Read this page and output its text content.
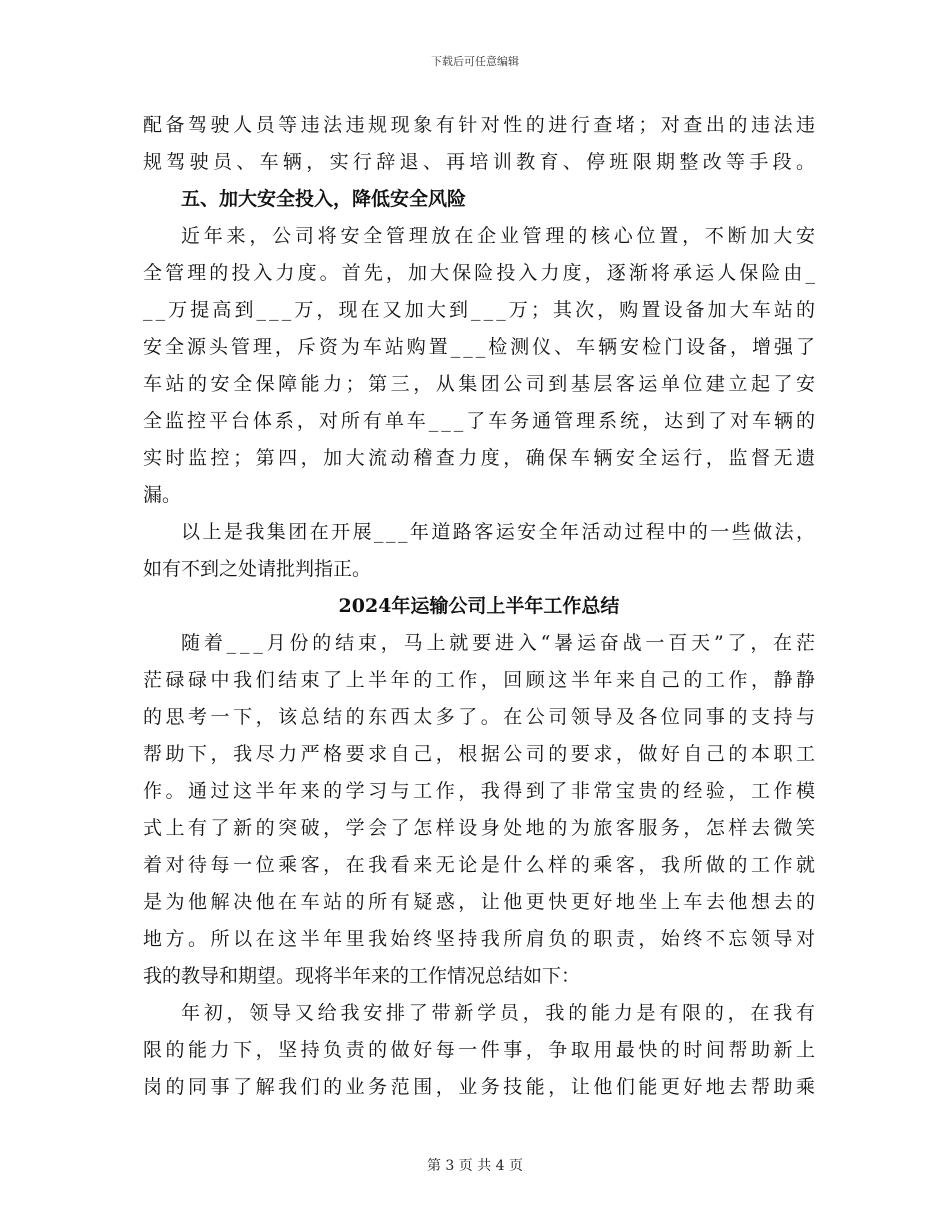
下载后可任意编辑
配备驾驶人员等违法违规现象有针对性的进行查堵；对查出的违法违
规驾驶员、车辆，实行辞退、再培训教育、停班限期整改等手段。
五、加大安全投入，降低安全风险
近年来，公司将安全管理放在企业管理的核心位置，不断加大安
全管理的投入力度。首先，加大保险投入力度，逐渐将承运人保险由_
__万提高到___万，现在又加大到___万；其次，购置设备加大车站的
安全源头管理，斥资为车站购置___检测仪、车辆安检门设备，增强了
车站的安全保障能力；第三，从集团公司到基层客运单位建立起了安
全监控平台体系，对所有单车___了车务通管理系统，达到了对车辆的
实时监控；第四，加大流动稽查力度，确保车辆安全运行，监督无遗
漏。
以上是我集团在开展___年道路客运安全年活动过程中的一些做法，
如有不到之处请批判指正。
2024年运输公司上半年工作总结
随着___月份的结束，马上就要进入“暑运奋战一百天”了，在茫
茫碌碌中我们结束了上半年的工作，回顾这半年来自己的工作，静静
的思考一下，该总结的东西太多了。在公司领导及各位同事的支持与
帮助下，我尽力严格要求自己，根据公司的要求，做好自己的本职工
作。通过这半年来的学习与工作，我得到了非常宝贵的经验，工作模
式上有了新的突破，学会了怎样设身处地的为旅客服务，怎样去微笑
着对待每一位乘客，在我看来无论是什么样的乘客，我所做的工作就
是为他解决他在车站的所有疑惑，让他更快更好地坐上车去他想去的
地方。所以在这半年里我始终坚持我所肩负的职责，始终不忘领导对
我的教导和期望。现将半年来的工作情况总结如下：
年初，领导又给我安排了带新学员，我的能力是有限的，在我有
限的能力下，坚持负责的做好每一件事，争取用最快的时间帮助新上
岗的同事了解我们的业务范围，业务技能，让他们能更好地去帮助乘
第 3 页 共 4 页
